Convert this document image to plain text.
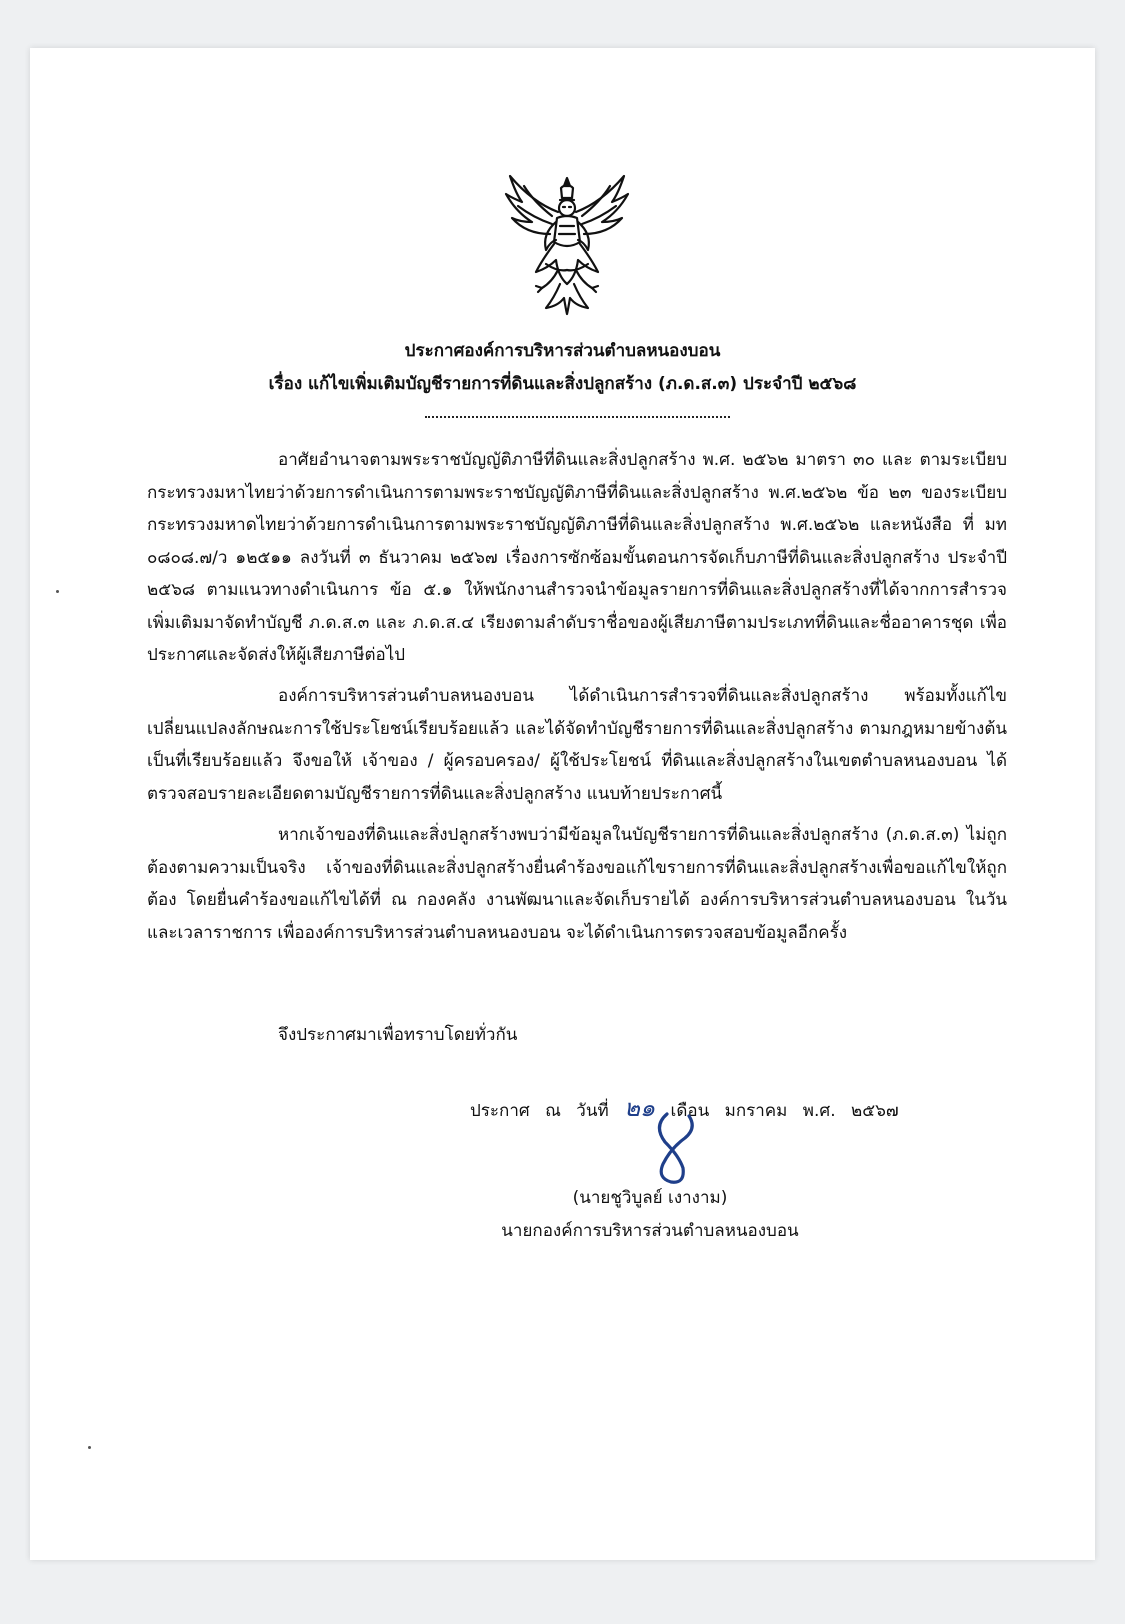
ประกาศองค์การบริหารส่วนตำบลหนองบอน

เรื่อง แก้ไขเพิ่มเติมบัญชีรายการที่ดินและสิ่งปลูกสร้าง (ภ.ด.ส.๓) ประจำปี ๒๕๖๘

อาศัยอำนาจตามพระราชบัญญัติภาษีที่ดินและสิ่งปลูกสร้าง พ.ศ. ๒๕๖๒ มาตรา ๓๐ และ ตามระเบียบกระทรวงมหาไทยว่าด้วยการดำเนินการตามพระราชบัญญัติภาษีที่ดินและสิ่งปลูกสร้าง พ.ศ.๒๕๖๒ ข้อ ๒๓ ของระเบียบกระทรวงมหาดไทยว่าด้วยการดำเนินการตามพระราชบัญญัติภาษีที่ดินและสิ่งปลูกสร้าง พ.ศ.๒๕๖๒ และหนังสือ ที่ มท ๐๘๐๘.๗/ว ๑๒๕๑๑ ลงวันที่ ๓ ธันวาคม ๒๕๖๗ เรื่องการซักซ้อมขั้นตอนการจัดเก็บภาษีที่ดินและสิ่งปลูกสร้าง ประจำปี ๒๕๖๘ ตามแนวทางดำเนินการ ข้อ ๕.๑ ให้พนักงานสำรวจนำข้อมูลรายการที่ดินและสิ่งปลูกสร้างที่ได้จากการสำรวจเพิ่มเติมมาจัดทำบัญชี ภ.ด.ส.๓ และ ภ.ด.ส.๔ เรียงตามลำดับราชื่อของผู้เสียภาษีตามประเภทที่ดินและชื่ออาคารชุด เพื่อประกาศและจัดส่งให้ผู้เสียภาษีต่อไป

องค์การบริหารส่วนตำบลหนองบอน ได้ดำเนินการสำรวจที่ดินและสิ่งปลูกสร้าง พร้อมทั้งแก้ไขเปลี่ยนแปลงลักษณะการใช้ประโยชน์เรียบร้อยแล้ว และได้จัดทำบัญชีรายการที่ดินและสิ่งปลูกสร้าง ตามกฎหมายข้างต้นเป็นที่เรียบร้อยแล้ว จึงขอให้ เจ้าของ / ผู้ครอบครอง/ ผู้ใช้ประโยชน์ ที่ดินและสิ่งปลูกสร้างในเขตตำบลหนองบอน ได้ตรวจสอบรายละเอียดตามบัญชีรายการที่ดินและสิ่งปลูกสร้าง แนบท้ายประกาศนี้

หากเจ้าของที่ดินและสิ่งปลูกสร้างพบว่ามีข้อมูลในบัญชีรายการที่ดินและสิ่งปลูกสร้าง (ภ.ด.ส.๓) ไม่ถูกต้องตามความเป็นจริง เจ้าของที่ดินและสิ่งปลูกสร้างยื่นคำร้องขอแก้ไขรายการที่ดินและสิ่งปลูกสร้างเพื่อขอแก้ไขให้ถูกต้อง โดยยื่นคำร้องขอแก้ไขได้ที่ ณ กองคลัง งานพัฒนาและจัดเก็บรายได้ องค์การบริหารส่วนตำบลหนองบอน ในวันและเวลาราชการ เพื่อองค์การบริหารส่วนตำบลหนองบอน จะได้ดำเนินการตรวจสอบข้อมูลอีกครั้ง

จึงประกาศมาเพื่อทราบโดยทั่วกัน

ประกาศ ณ วันที่ ๒๑ เดือน มกราคม พ.ศ. ๒๕๖๗

(นายชูวิบูลย์ เงางาม)

นายกองค์การบริหารส่วนตำบลหนองบอน
